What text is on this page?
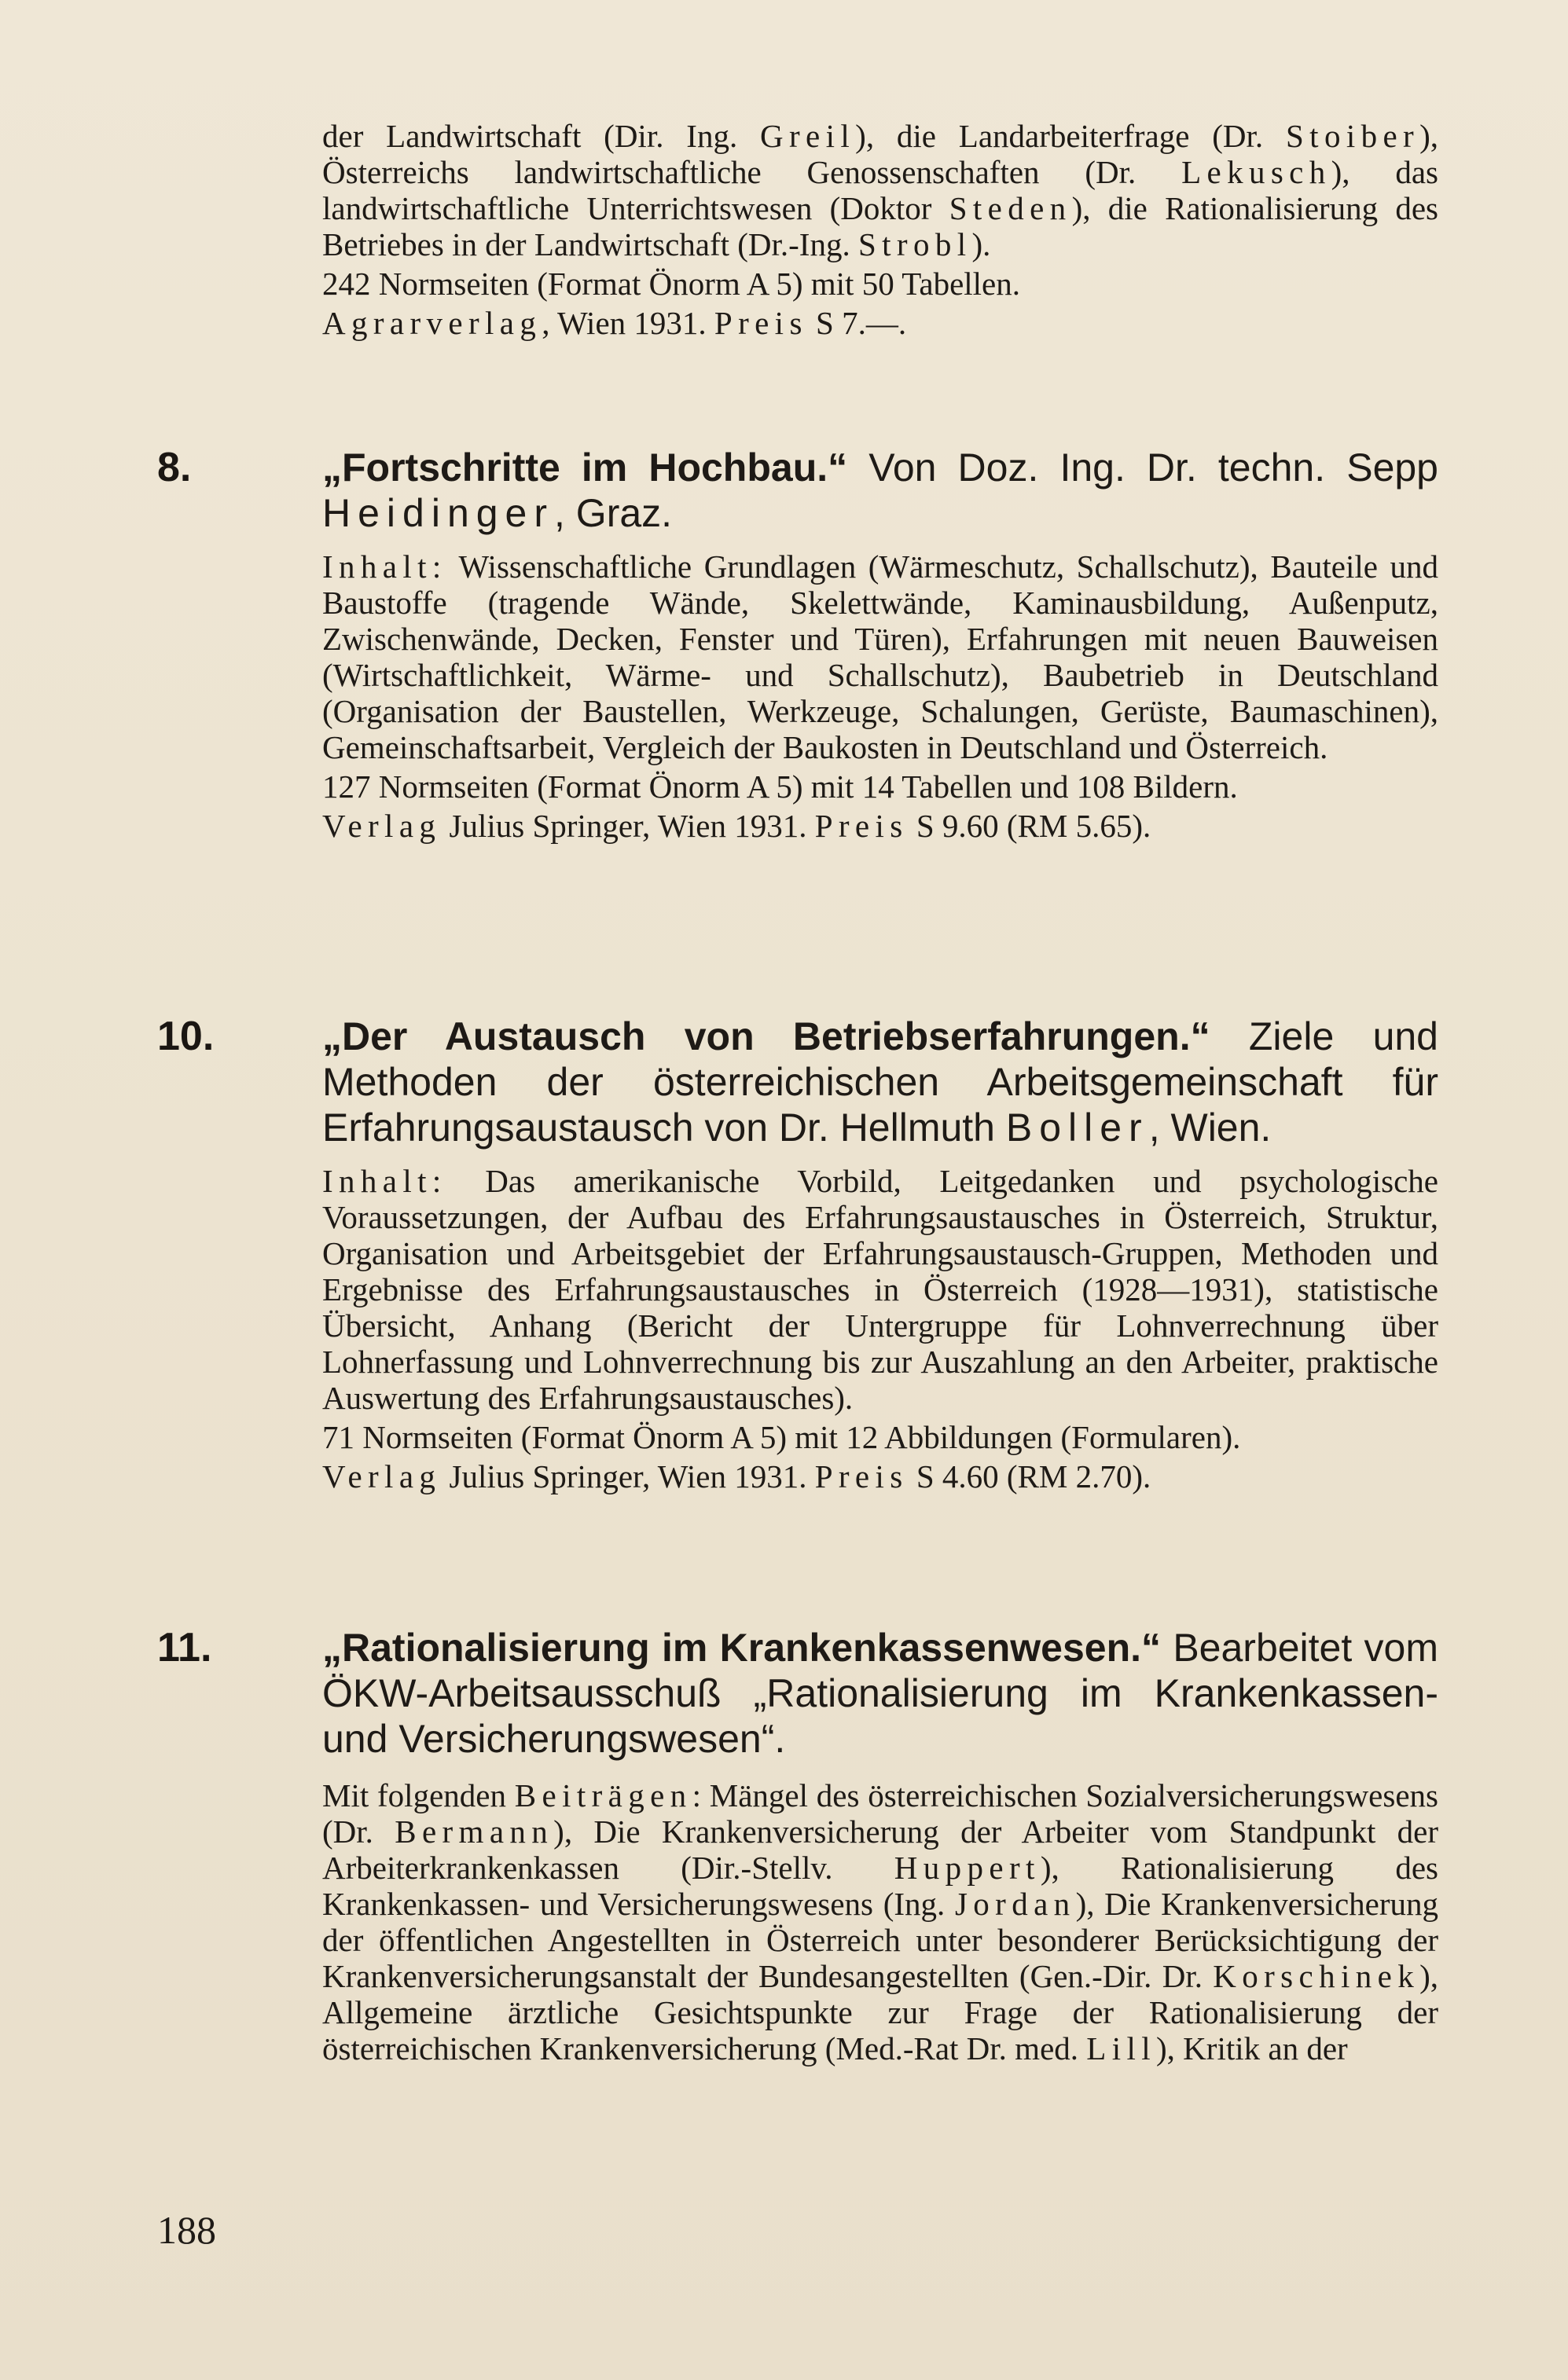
der Landwirtschaft (Dir. Ing. Greil), die Landarbeiterfrage (Dr. Stoiber), Österreichs landwirtschaftliche Genossenschaften (Dr. Lekusch), das landwirtschaftliche Unterrichtswesen (Doktor Steden), die Rationalisierung des Betriebes in der Landwirtschaft (Dr.-Ing. Strobl).

242 Normseiten (Format Önorm A 5) mit 50 Tabellen.

Agrarverlag, Wien 1931. Preis S 7.—.

8.	„Fortschritte im Hochbau.“ Von Doz. Ing. Dr. techn. Sepp Heidinger, Graz.

Inhalt: Wissenschaftliche Grundlagen (Wärmeschutz, Schallschutz), Bauteile und Baustoffe (tragende Wände, Skelettwände, Kaminausbildung, Außenputz, Zwischenwände, Decken, Fenster und Türen), Erfahrungen mit neuen Bauweisen (Wirtschaftlichkeit, Wärme- und Schallschutz), Baubetrieb in Deutschland (Organisation der Baustellen, Werkzeuge, Schalungen, Gerüste, Baumaschinen), Gemeinschaftsarbeit, Vergleich der Baukosten in Deutschland und Österreich.

127 Normseiten (Format Önorm A 5) mit 14 Tabellen und 108 Bildern.

Verlag Julius Springer, Wien 1931. Preis S 9.60 (RM 5.65).

10.	„Der Austausch von Betriebserfahrungen.“ Ziele und Methoden der österreichischen Arbeitsgemeinschaft für Erfahrungsaustausch von Dr. Hellmuth Boller, Wien.

Inhalt: Das amerikanische Vorbild, Leitgedanken und psychologische Voraussetzungen, der Aufbau des Erfahrungsaustausches in Österreich, Struktur, Organisation und Arbeitsgebiet der Erfahrungsaustausch-Gruppen, Methoden und Ergebnisse des Erfahrungsaustausches in Österreich (1928—1931), statistische Übersicht, Anhang (Bericht der Untergruppe für Lohnverrechnung über Lohnerfassung und Lohnverrechnung bis zur Auszahlung an den Arbeiter, praktische Auswertung des Erfahrungsaustausches).

71 Normseiten (Format Önorm A 5) mit 12 Abbildungen (Formularen).

Verlag Julius Springer, Wien 1931. Preis S 4.60 (RM 2.70).

11.	„Rationalisierung im Krankenkassenwesen.“ Bearbeitet vom ÖKW-Arbeitsausschuß „Rationalisierung im Krankenkassen- und Versicherungswesen“.

Mit folgenden Beiträgen: Mängel des österreichischen Sozialversicherungswesens (Dr. Bermann), Die Krankenversicherung der Arbeiter vom Standpunkt der Arbeiterkrankenkassen (Dir.-Stellv. Huppert), Rationalisierung des Krankenkassen- und Versicherungswesens (Ing. Jordan), Die Krankenversicherung der öffentlichen Angestellten in Österreich unter besonderer Berücksichtigung der Krankenversicherungsanstalt der Bundesangestellten (Gen.-Dir. Dr. Korschinek), Allgemeine ärztliche Gesichtspunkte zur Frage der Rationalisierung der österreichischen Krankenversicherung (Med.-Rat Dr. med. Lill), Kritik an der

188
